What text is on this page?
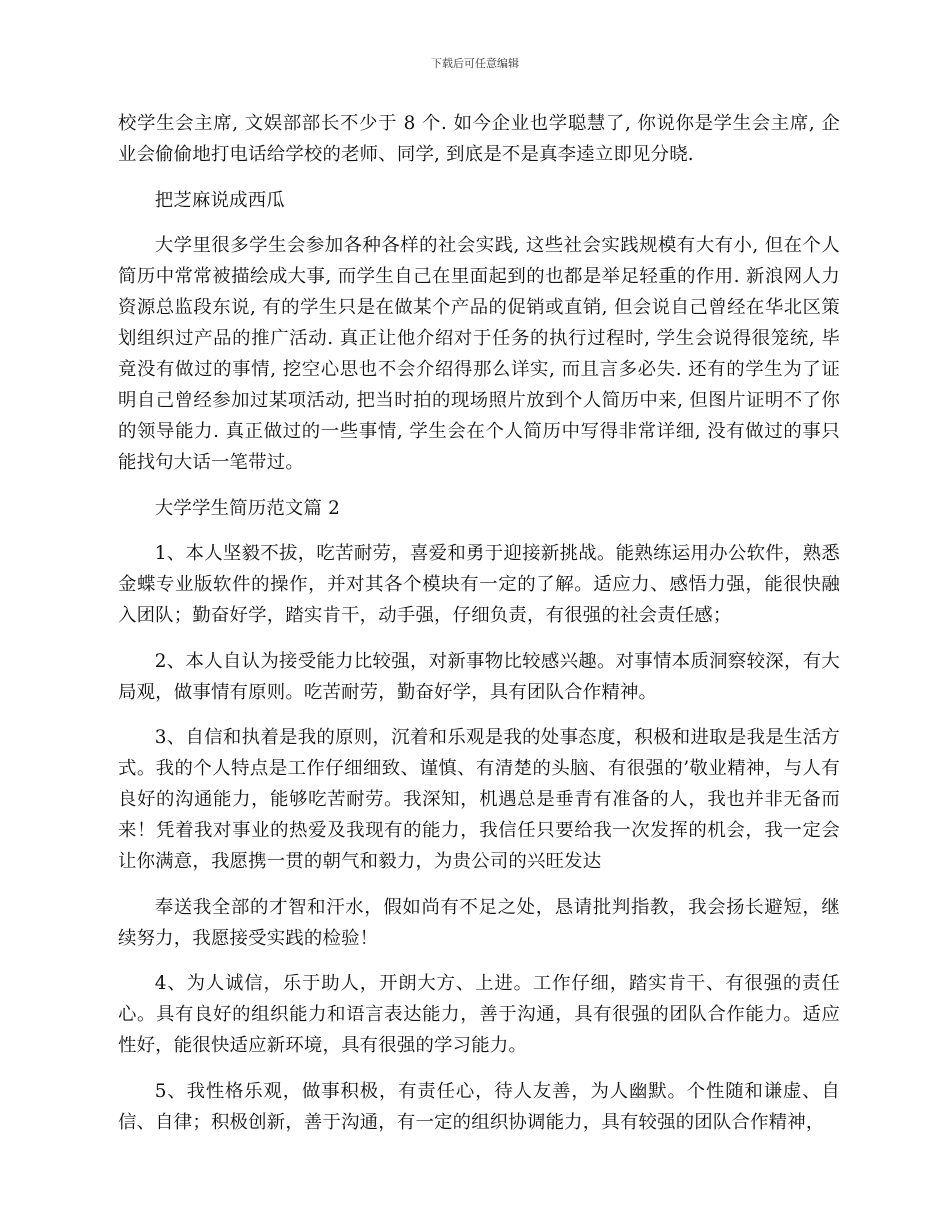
下载后可任意编辑

校学生会主席, 文娱部部长不少于 8 个. 如今企业也学聪慧了, 你说你是学生会主席, 企业会偷偷地打电话给学校的老师、同学, 到底是不是真李逵立即见分晓.

把芝麻说成西瓜

大学里很多学生会参加各种各样的社会实践, 这些社会实践规模有大有小, 但在个人简历中常常被描绘成大事, 而学生自己在里面起到的也都是举足轻重的作用. 新浪网人力资源总监段东说, 有的学生只是在做某个产品的促销或直销, 但会说自己曾经在华北区策划组织过产品的推广活动. 真正让他介绍对于任务的执行过程时, 学生会说得很笼统, 毕竟没有做过的事情, 挖空心思也不会介绍得那么详实, 而且言多必失. 还有的学生为了证明自己曾经参加过某项活动, 把当时拍的现场照片放到个人简历中来, 但图片证明不了你的领导能力. 真正做过的一些事情, 学生会在个人简历中写得非常详细, 没有做过的事只能找句大话一笔带过。

大学学生简历范文篇 2

1、本人坚毅不拔，吃苦耐劳，喜爱和勇于迎接新挑战。能熟练运用办公软件，熟悉金蝶专业版软件的操作，并对其各个模块有一定的了解。适应力、感悟力强，能很快融入团队；勤奋好学，踏实肯干，动手强，仔细负责，有很强的社会责任感；

2、本人自认为接受能力比较强，对新事物比较感兴趣。对事情本质洞察较深，有大局观，做事情有原则。吃苦耐劳，勤奋好学，具有团队合作精神。

3、自信和执着是我的原则，沉着和乐观是我的处事态度，积极和进取是我是生活方式。我的个人特点是工作仔细细致、谨慎、有清楚的头脑、有很强的’敬业精神，与人有良好的沟通能力，能够吃苦耐劳。我深知，机遇总是垂青有准备的人，我也并非无备而来！凭着我对事业的热爱及我现有的能力，我信任只要给我一次发挥的机会，我一定会让你满意，我愿携一贯的朝气和毅力，为贵公司的兴旺发达

奉送我全部的才智和汗水，假如尚有不足之处，恳请批判指教，我会扬长避短，继续努力，我愿接受实践的检验！

4、为人诚信，乐于助人，开朗大方、上进。工作仔细，踏实肯干、有很强的责任心。具有良好的组织能力和语言表达能力，善于沟通，具有很强的团队合作能力。适应性好，能很快适应新环境，具有很强的学习能力。

5、我性格乐观，做事积极，有责任心，待人友善，为人幽默。个性随和谦虚、自信、自律；积极创新，善于沟通，有一定的组织协调能力，具有较强的团队合作精神，
